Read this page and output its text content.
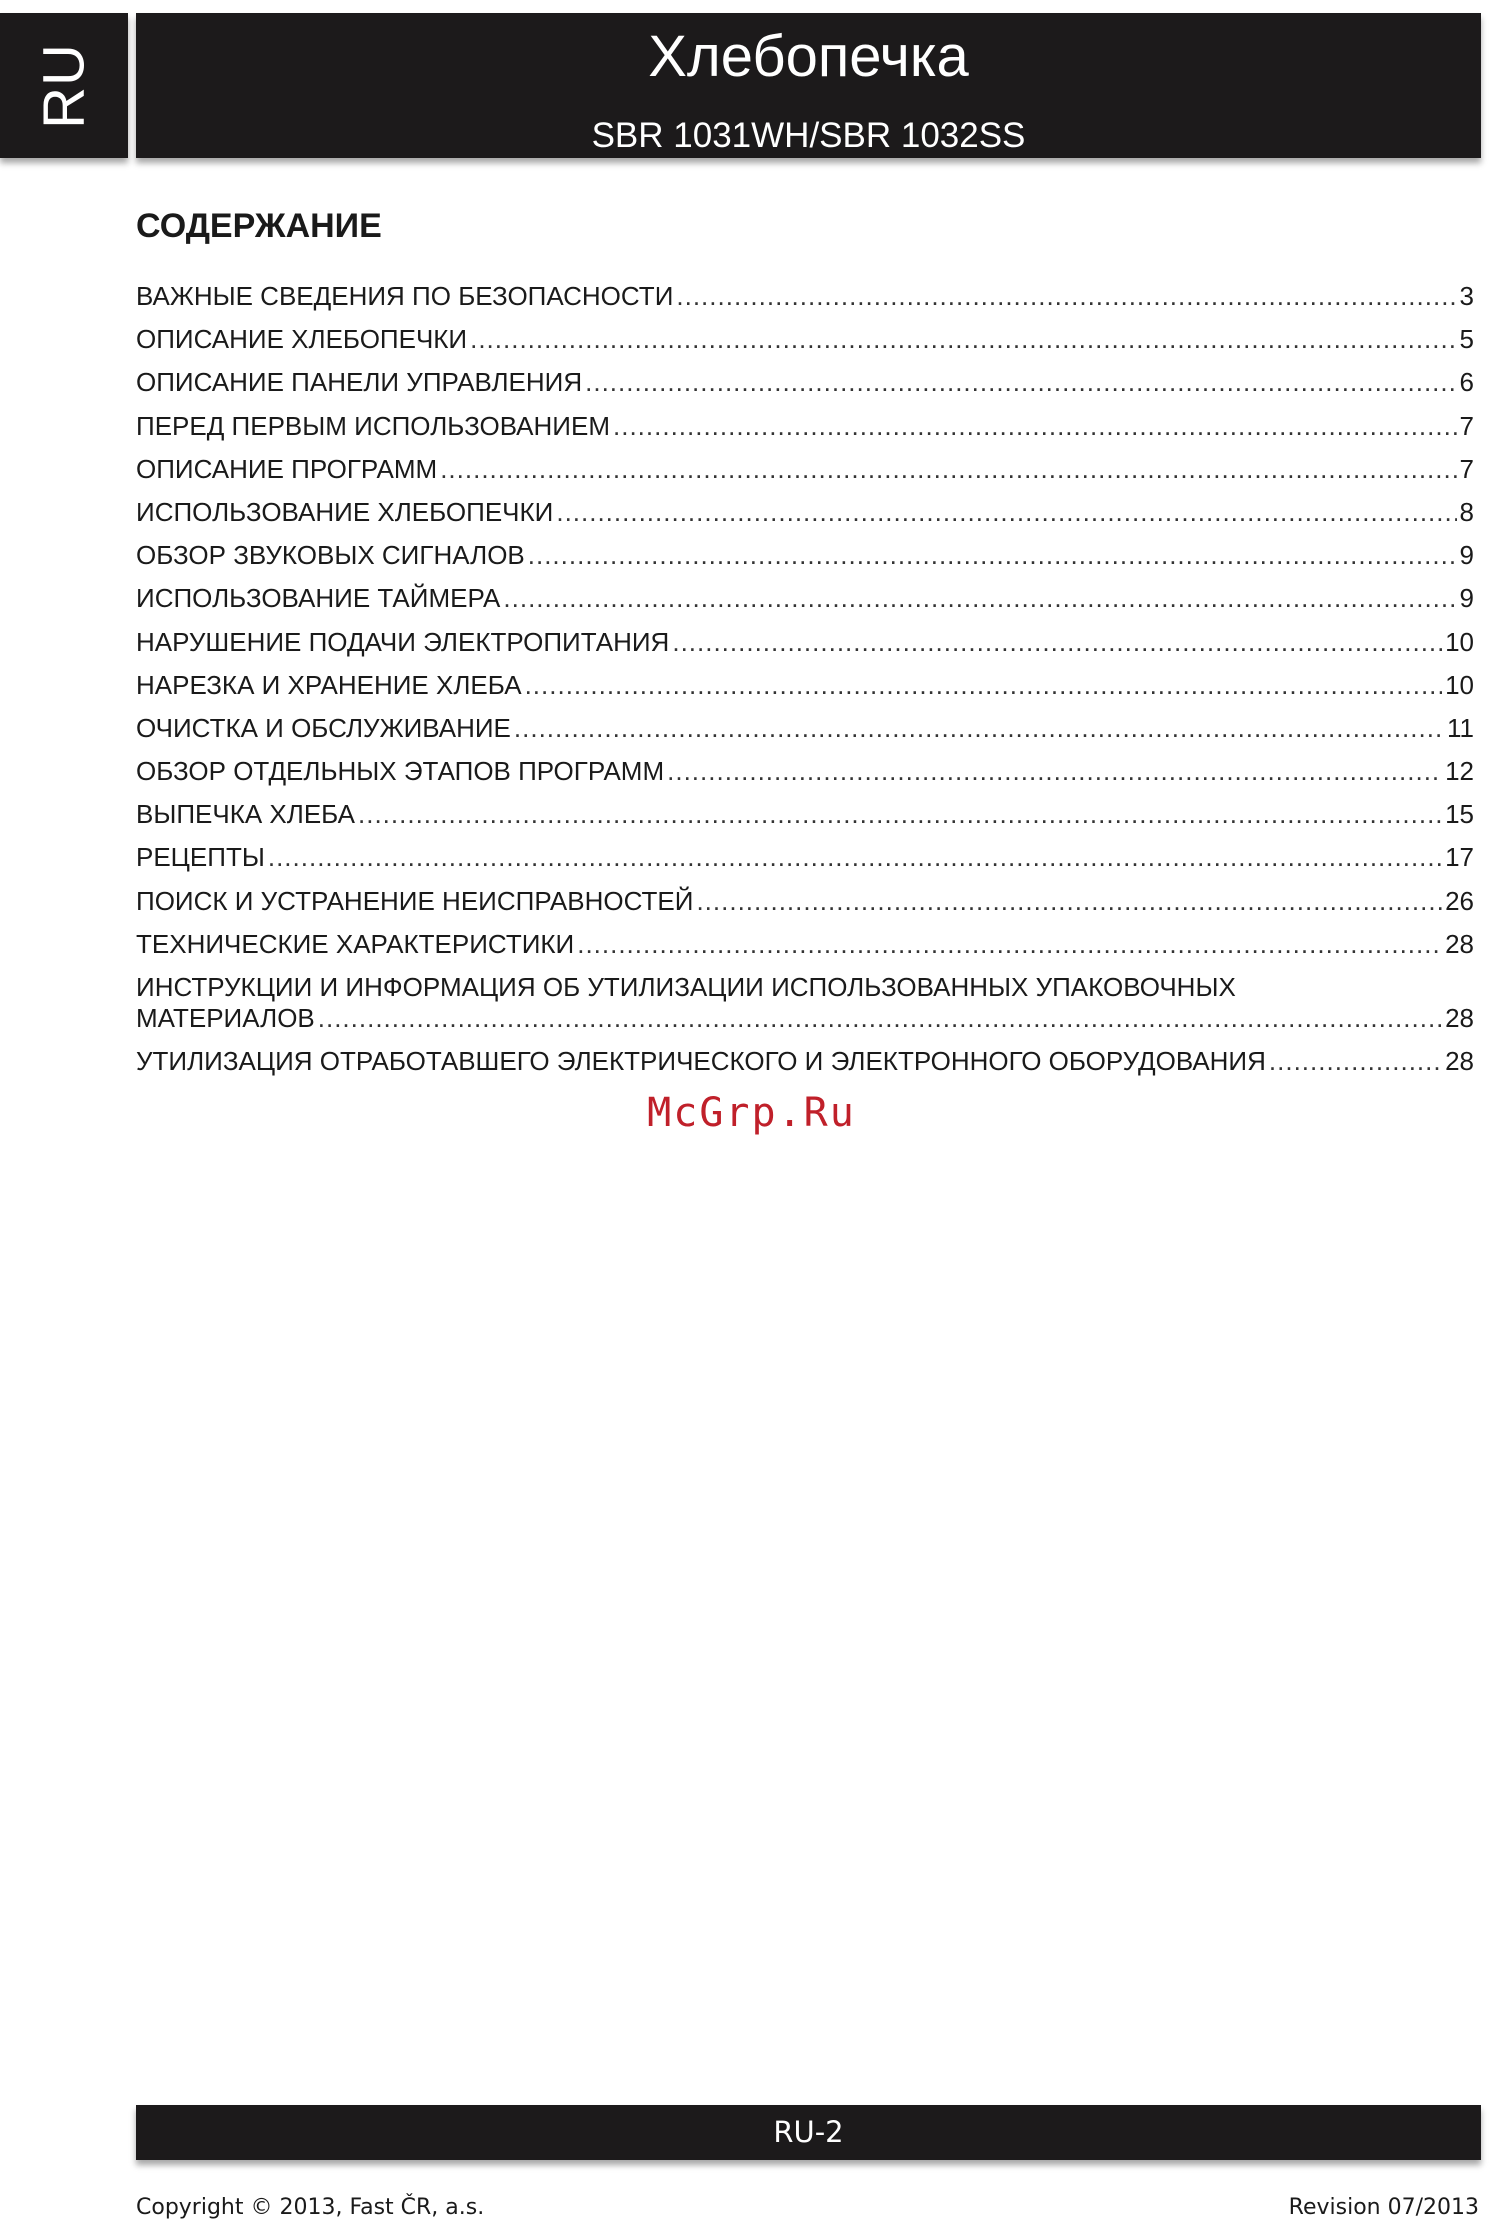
RU	Хлебопечка
SBR 1031WH/SBR 1032SS
СОДЕРЖАНИЕ
ВАЖНЫЕ СВЕДЕНИЯ ПО БЕЗОПАСНОСТИ .....	3
ОПИСАНИЕ ХЛЕБОПЕЧКИ .....	5
ОПИСАНИЕ ПАНЕЛИ УПРАВЛЕНИЯ .....	6
ПЕРЕД ПЕРВЫМ ИСПОЛЬЗОВАНИЕМ .....	7
ОПИСАНИЕ ПРОГРАММ .....	7
ИСПОЛЬЗОВАНИЕ ХЛЕБОПЕЧКИ .....	8
ОБЗОР ЗВУКОВЫХ СИГНАЛОВ .....	9
ИСПОЛЬЗОВАНИЕ ТАЙМЕРА .....	9
НАРУШЕНИЕ ПОДАЧИ ЭЛЕКТРОПИТАНИЯ .....	10
НАРЕЗКА И ХРАНЕНИЕ ХЛЕБА .....	10
ОЧИСТКА И ОБСЛУЖИВАНИЕ .....	11
ОБЗОР ОТДЕЛЬНЫХ ЭТАПОВ ПРОГРАММ .....	12
ВЫПЕЧКА ХЛЕБА .....	15
РЕЦЕПТЫ .....	17
ПОИСК И УСТРАНЕНИЕ НЕИСПРАВНОСТЕЙ .....	26
ТЕХНИЧЕСКИЕ ХАРАКТЕРИСТИКИ .....	28
ИНСТРУКЦИИ И ИНФОРМАЦИЯ ОБ УТИЛИЗАЦИИ ИСПОЛЬЗОВАННЫХ УПАКОВОЧНЫХ
МАТЕРИАЛОВ .....	28
УТИЛИЗАЦИЯ ОТРАБОТАВШЕГО ЭЛЕКТРИЧЕСКОГО И ЭЛЕКТРОННОГО ОБОРУДОВАНИЯ .....	28
McGrp.Ru
RU-2
Copyright © 2013, Fast ČR, a.s.	Revision 07/2013
